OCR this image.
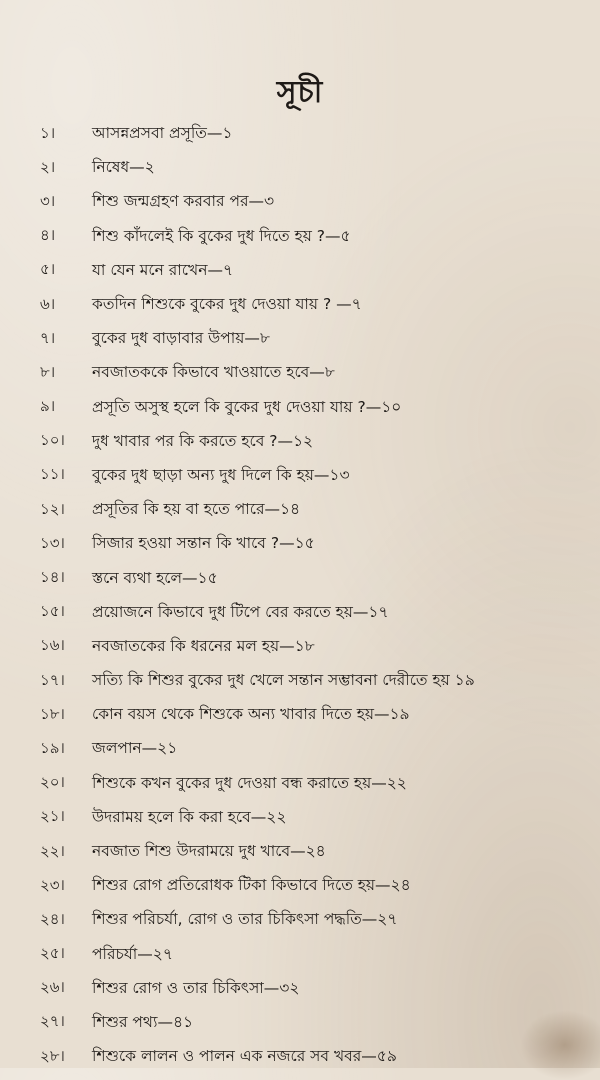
সূচী
১।	আসন্নপ্রসবা প্রসূতি—১
২।	নিষেধ—২
৩।	শিশু জন্মগ্রহণ করবার পর—৩
৪।	শিশু কাঁদলেই কি বুকের দুধ দিতে হয় ?—৫
৫।	যা যেন মনে রাখেন—৭
৬।	কতদিন শিশুকে বুকের দুধ দেওয়া যায় ? —৭
৭।	বুকের দুধ বাড়াবার উপায়—৮
৮।	নবজাতককে কিভাবে খাওয়াতে হবে—৮
৯।	প্রসূতি অসুস্থ হলে কি বুকের দুধ দেওয়া যায় ?—১০
১০।	দুধ খাবার পর কি করতে হবে ?—১২
১১।	বুকের দুধ ছাড়া অন্য দুধ দিলে কি হয়—১৩
১২।	প্রসূতির কি হয় বা হতে পারে—১৪
১৩।	সিজার হওয়া সন্তান কি খাবে ?—১৫
১৪।	স্তনে ব্যথা হলে—১৫
১৫।	প্রয়োজনে কিভাবে দুধ টিপে বের করতে হয়—১৭
১৬।	নবজাতকের কি ধরনের মল হয়—১৮
১৭।	সত্যি কি শিশুর বুকের দুধ খেলে সন্তান সম্ভাবনা দেরীতে হয় ১৯
১৮।	কোন বয়স থেকে শিশুকে অন্য খাবার দিতে হয়—১৯
১৯।	জলপান—২১
২০।	শিশুকে কখন বুকের দুধ দেওয়া বন্ধ করাতে হয়—২২
২১।	উদরাময় হলে কি করা হবে—২২
২২।	নবজাত শিশু উদরাময়ে দুধ খাবে—২৪
২৩।	শিশুর রোগ প্রতিরোধক টিকা কিভাবে দিতে হয়—২৪
২৪।	শিশুর পরিচর্যা, রোগ ও তার চিকিৎসা পদ্ধতি—২৭
২৫।	পরিচর্যা—২৭
২৬।	শিশুর রোগ ও তার চিকিৎসা—৩২
২৭।	শিশুর পথ্য—৪১
২৮।	শিশুকে লালন ও পালন এক নজরে সব খবর—৫৯
